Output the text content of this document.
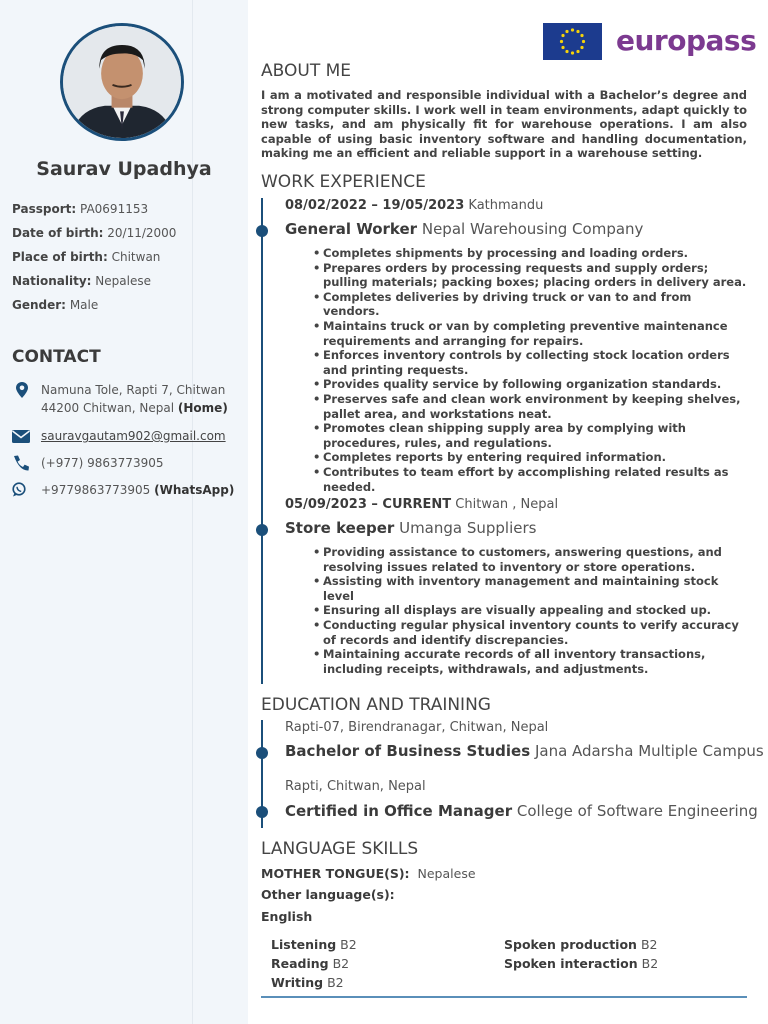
Saurav Upadhya
Passport: PA0691153
Date of birth: 20/11/2000
Place of birth: Chitwan
Nationality: Nepalese
Gender: Male
CONTACT
Namuna Tole, Rapti 7, Chitwan
44200 Chitwan, Nepal (Home)
sauravgautam902@gmail.com
(+977) 9863773905
+9779863773905 (WhatsApp)
europass
ABOUT ME
I am a motivated and responsible individual with a Bachelor’s degree and strong computer skills. I work well in team environments, adapt quickly to new tasks, and am physically fit for warehouse operations. I am also capable of using basic inventory software and handling documentation, making me an efficient and reliable support in a warehouse setting.
WORK EXPERIENCE
08/02/2022 – 19/05/2023 Kathmandu
General Worker Nepal Warehousing Company
• Completes shipments by processing and loading orders.
• Prepares orders by processing requests and supply orders; pulling materials; packing boxes; placing orders in delivery area.
• Completes deliveries by driving truck or van to and from vendors.
• Maintains truck or van by completing preventive maintenance requirements and arranging for repairs.
• Enforces inventory controls by collecting stock location orders and printing requests.
• Provides quality service by following organization standards.
• Preserves safe and clean work environment by keeping shelves, pallet area, and workstations neat.
• Promotes clean shipping supply area by complying with procedures, rules, and regulations.
• Completes reports by entering required information.
• Contributes to team effort by accomplishing related results as needed.
05/09/2023 – CURRENT Chitwan , Nepal
Store keeper Umanga Suppliers
• Providing assistance to customers, answering questions, and resolving issues related to inventory or store operations.
• Assisting with inventory management and maintaining stock level
• Ensuring all displays are visually appealing and stocked up.
• Conducting regular physical inventory counts to verify accuracy of records and identify discrepancies.
• Maintaining accurate records of all inventory transactions, including receipts, withdrawals, and adjustments.
EDUCATION AND TRAINING
Rapti-07, Birendranagar, Chitwan, Nepal
Bachelor of Business Studies Jana Adarsha Multiple Campus
Rapti, Chitwan, Nepal
Certified in Office Manager College of Software Engineering
LANGUAGE SKILLS
MOTHER TONGUE(S): Nepalese
Other language(s):
English
Listening B2
Reading B2
Writing B2
Spoken production B2
Spoken interaction B2
